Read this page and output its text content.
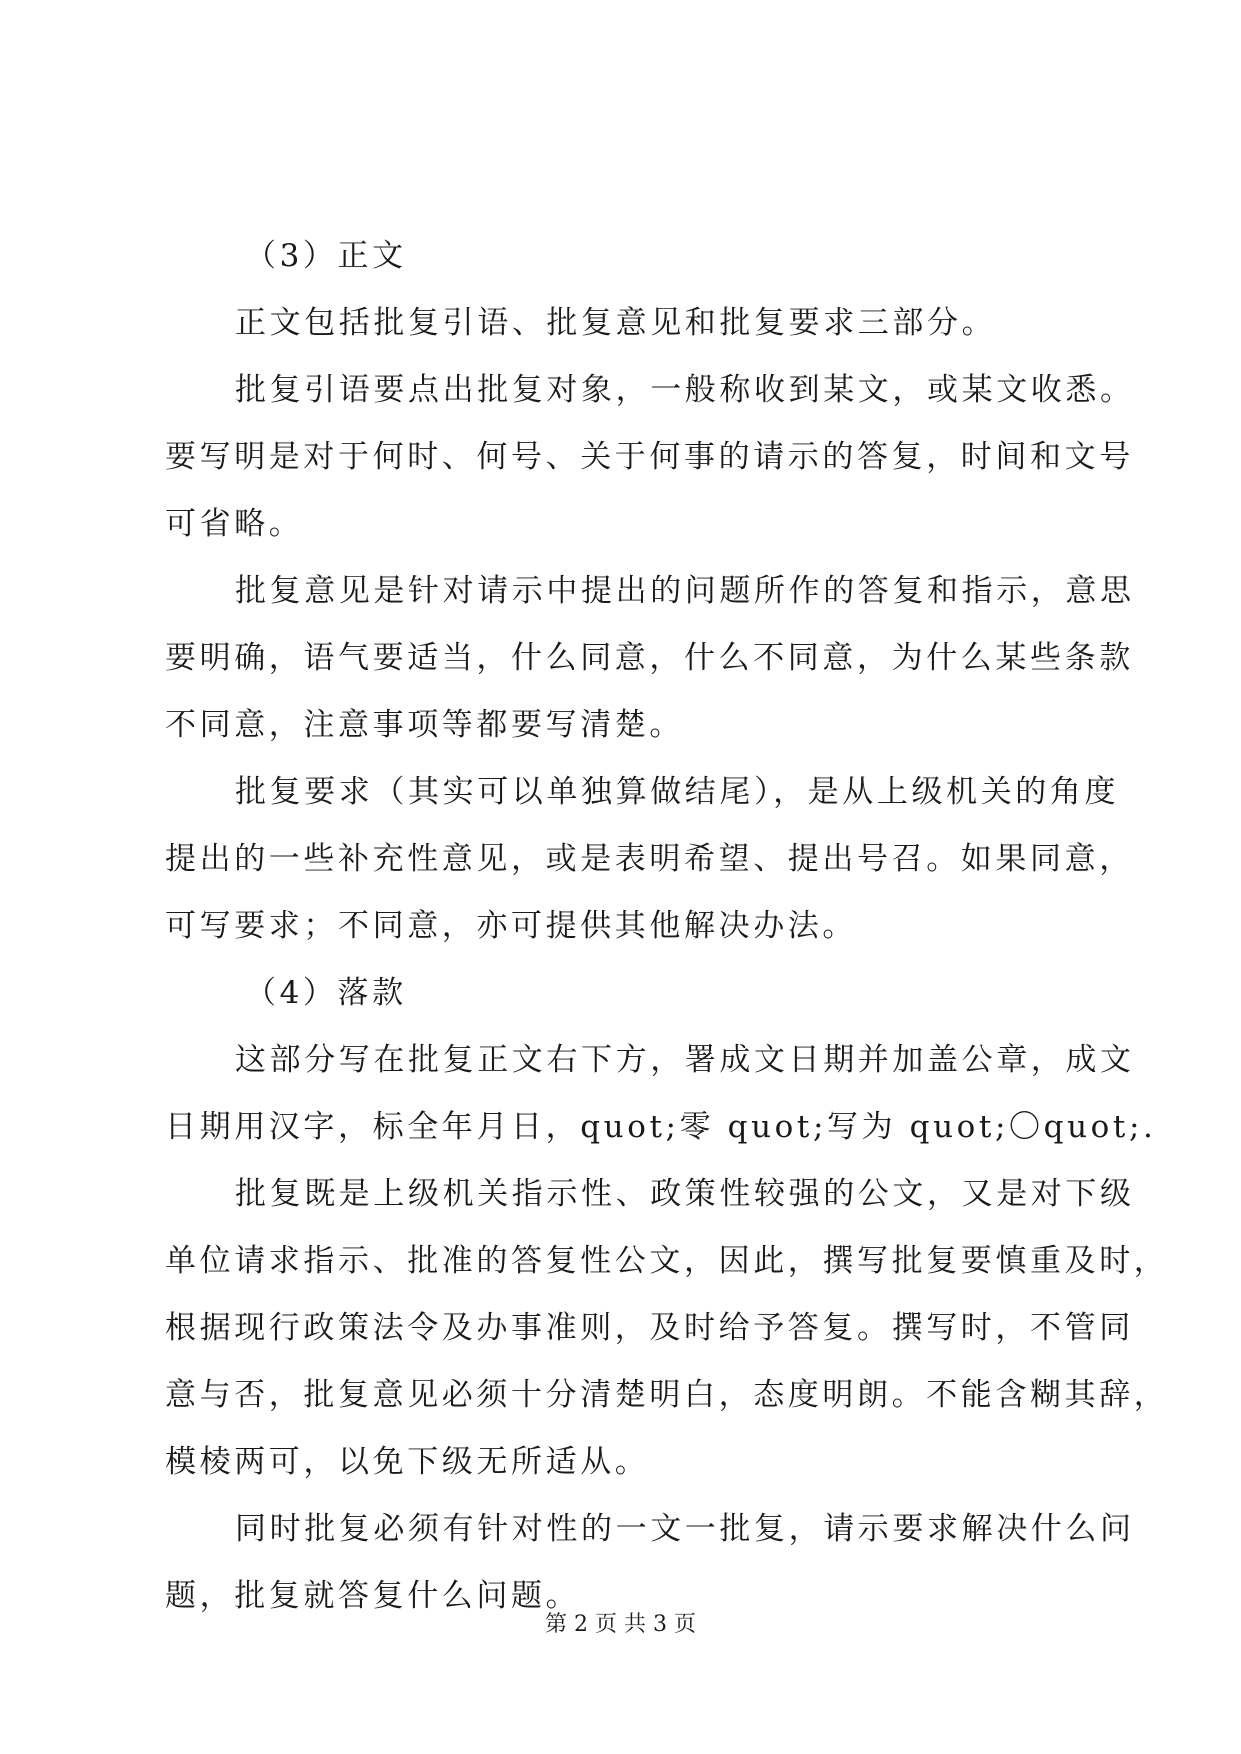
（3）正文
正文包括批复引语、批复意见和批复要求三部分。
批复引语要点出批复对象，一般称收到某文，或某文收悉。
要写明是对于何时、何号、关于何事的请示的答复，时间和文号
可省略。
批复意见是针对请示中提出的问题所作的答复和指示，意思
要明确，语气要适当，什么同意，什么不同意，为什么某些条款
不同意，注意事项等都要写清楚。
批复要求（其实可以单独算做结尾），是从上级机关的角度
提出的一些补充性意见，或是表明希望、提出号召。如果同意，
可写要求；不同意，亦可提供其他解决办法。
（4）落款
这部分写在批复正文右下方，署成文日期并加盖公章，成文
日期用汉字，标全年月日，quot;零 quot;写为 quot;〇quot;.
批复既是上级机关指示性、政策性较强的公文，又是对下级
单位请求指示、批准的答复性公文，因此，撰写批复要慎重及时，
根据现行政策法令及办事准则，及时给予答复。撰写时，不管同
意与否，批复意见必须十分清楚明白，态度明朗。不能含糊其辞，
模棱两可，以免下级无所适从。
同时批复必须有针对性的一文一批复，请示要求解决什么问
题，批复就答复什么问题。
第 2 页 共 3 页
